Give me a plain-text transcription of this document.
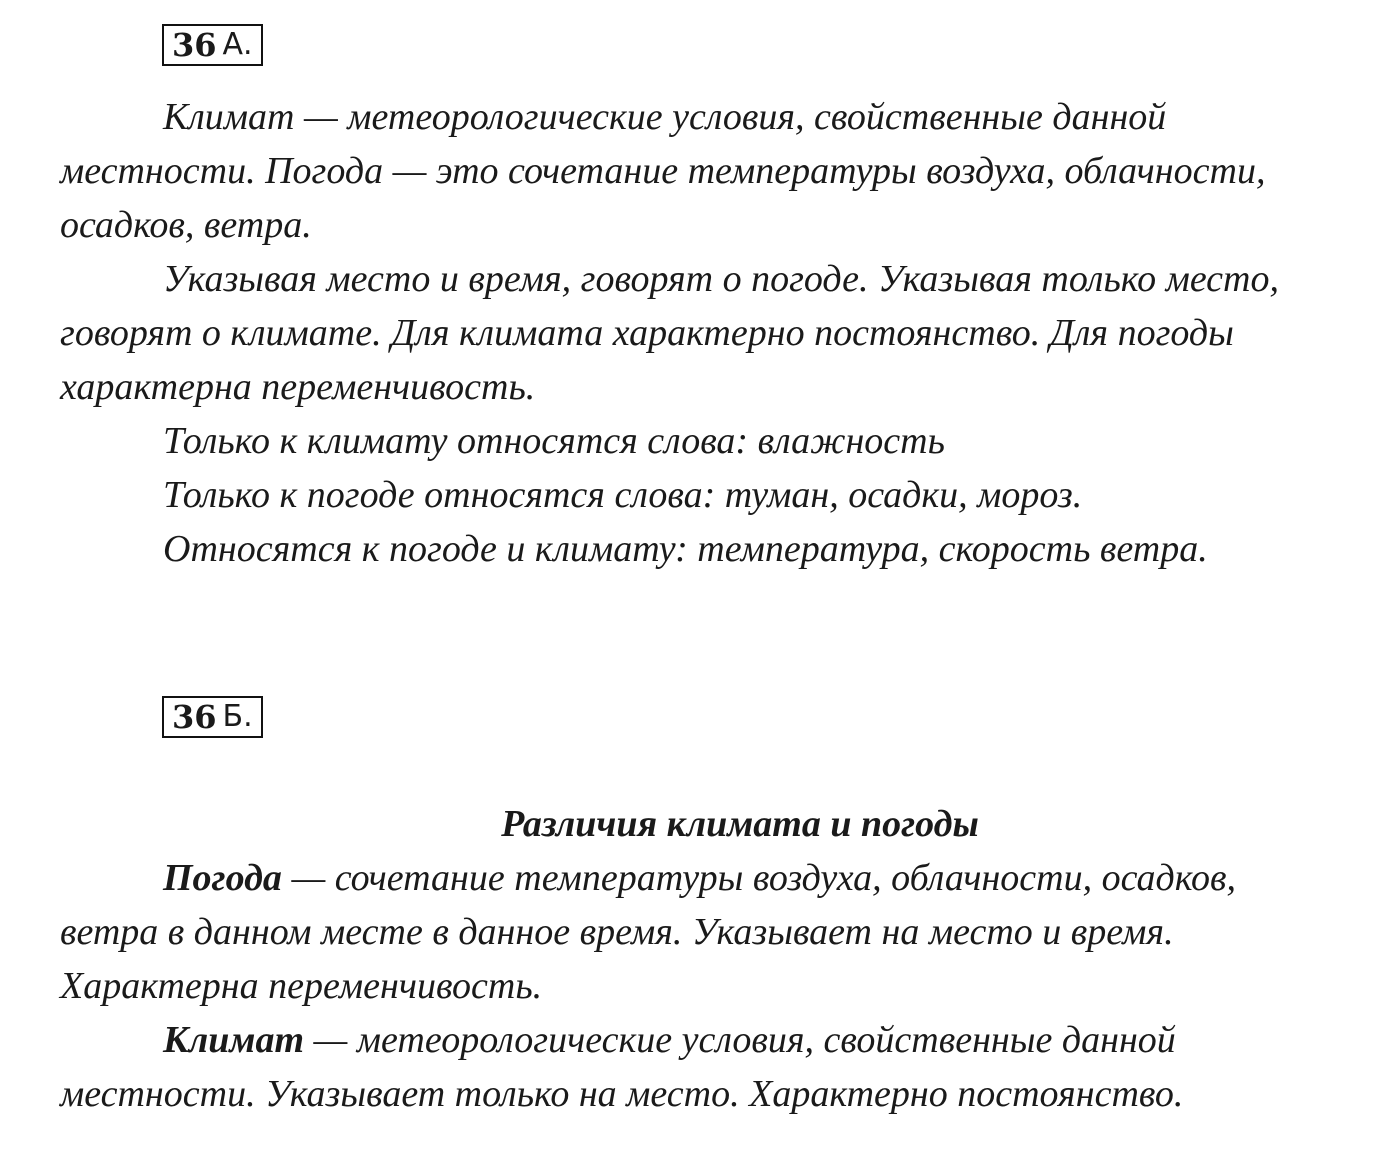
36 А.
Климат — метеорологические условия, свойственные данной
местности. Погода — это сочетание температуры воздуха, облачности,
осадков, ветра.
Указывая место и время, говорят о погоде. Указывая только место,
говорят о климате. Для климата характерно постоянство. Для погоды
характерна переменчивость.
Только к климату относятся слова: влажность
Только к погоде относятся слова: туман, осадки, мороз.
Относятся к погоде и климату: температура, скорость ветра.
36 Б.
Различия климата и погоды
Погода — сочетание температуры воздуха, облачности, осадков,
ветра в данном месте в данное время. Указывает на место и время.
Характерна переменчивость.
Климат — метеорологические условия, свойственные данной
местности. Указывает только на место. Характерно постоянство.
